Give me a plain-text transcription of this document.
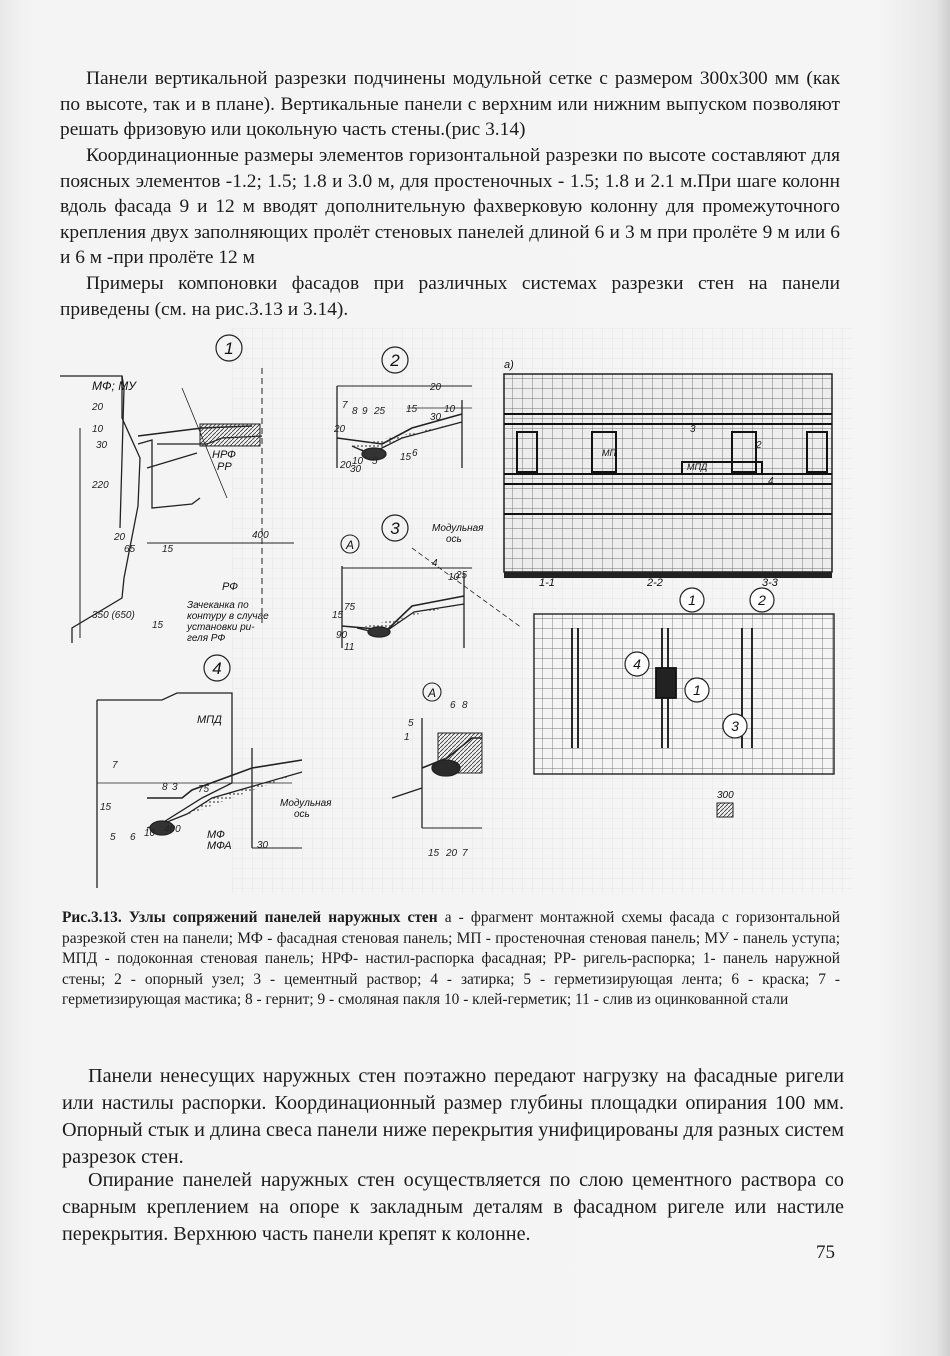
Панели вертикальной разрезки подчинены модульной сетке с размером 300х300 мм (как по высоте, так и в плане). Вертикальные панели с верхним или нижним выпуском позволяют решать фризовую или цокольную часть стены.(рис 3.14)

Координационные размеры элементов горизонтальной разрезки по высоте составляют для поясных элементов -1.2; 1.5; 1.8 и 3.0 м, для простеночных - 1.5; 1.8 и 2.1 м.При шаге колонн вдоль фасада 9 и 12 м вводят дополнительную фахверковую колонну для промежуточного крепления двух заполняющих пролёт стеновых панелей длиной 6 и 3 м при пролёте 9 м или 6 и 6 м -при пролёте 12 м

Примеры компоновки фасадов при различных системах разрезки стен на панели приведены (см. на рис.3.13 и 3.14).

1
2
3
4
А
А
1	2
4
1
3
МФ; МУ
НРФ
РР
РФ
Зачеканка по
контуру в случае
установки ри-
геля РФ
МПД
МФ
МФА
Модульная
ось
Модульная
ось
а)
1-1	2-2	3-3
300
МП
МПД
20
10
30
220
20
65	15
400
350 (650)
15
20
30
10
6
7
8 9 25 15
20
10 5 15
20
30
4
10
25
75
15
90
7
8 3 75
15
5 6 10 400
30
15 20 7
8
6
5
1
2
3
4
11

Рис.3.13. Узлы сопряжений панелей наружных стен а - фрагмент монтажной схемы фасада с горизонтальной разрезкой стен на панели; МФ - фасадная стеновая панель; МП - простеночная стеновая панель; МУ - панель уступа; МПД - подоконная стеновая панель; НРФ- настил-распорка фасадная; РР- ригель-распорка; 1- панель наружной стены; 2 - опорный узел; 3 - цементный раствор; 4 - затирка; 5 - герметизирующая лента; 6 - краска; 7 - герметизирующая мастика; 8 - гернит; 9 - смоляная пакля 10 - клей-герметик; 11 - слив из оцинкованной стали

Панели ненесущих наружных стен поэтажно передают нагрузку на фасадные ригели или настилы распорки. Координационный размер глубины площадки опирания 100 мм. Опорный стык и длина свеса панели ниже перекрытия унифицированы для разных систем разрезок стен.

Опирание панелей наружных стен осуществляется по слою цементного раствора со сварным креплением на опоре к закладным деталям в фасадном ригеле или настиле перекрытия. Верхнюю часть панели крепят к колонне.

75
